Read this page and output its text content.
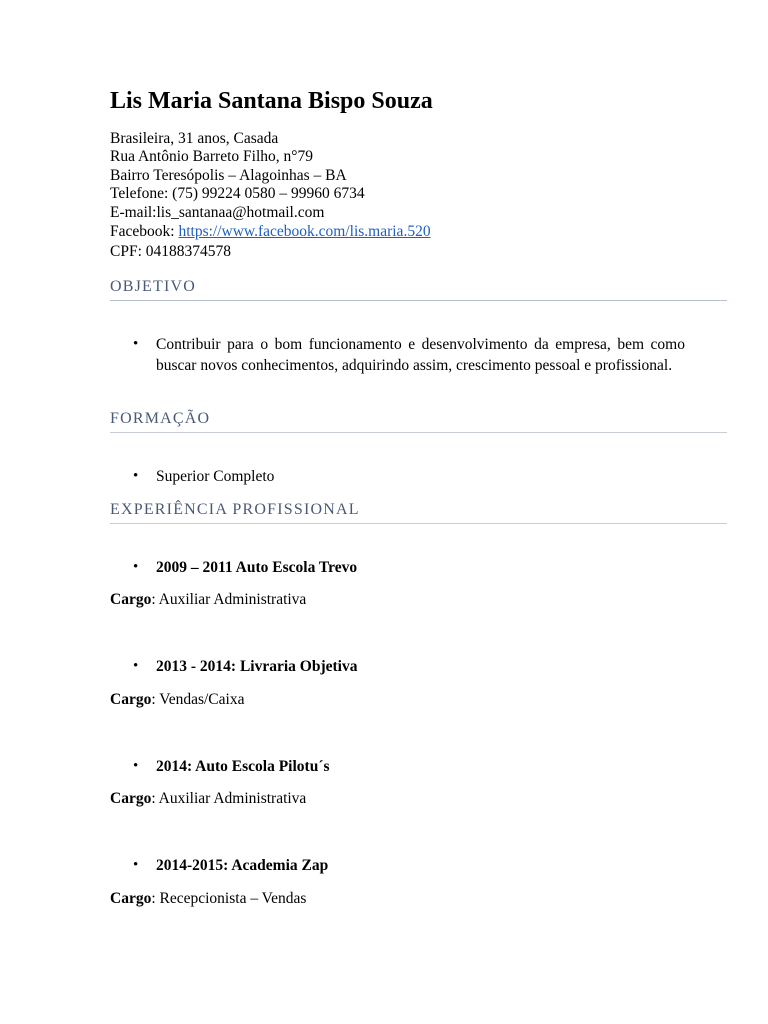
Lis Maria Santana Bispo Souza
Brasileira, 31 anos, Casada
Rua Antônio Barreto Filho, n°79
Bairro Teresópolis – Alagoinhas – BA
Telefone: (75) 99224 0580 – 99960 6734
E-mail:lis_santanaa@hotmail.com
Facebook: https://www.facebook.com/lis.maria.520
CPF: 04188374578
OBJETIVO
• Contribuir para o bom funcionamento e desenvolvimento da empresa, bem como buscar novos conhecimentos, adquirindo assim, crescimento pessoal e profissional.
FORMAÇÃO
• Superior Completo
EXPERIÊNCIA PROFISSIONAL
• 2009 – 2011 Auto Escola Trevo
Cargo: Auxiliar Administrativa
• 2013 - 2014: Livraria Objetiva
Cargo: Vendas/Caixa
• 2014: Auto Escola Pilotu´s
Cargo: Auxiliar Administrativa
• 2014-2015: Academia Zap
Cargo: Recepcionista – Vendas
